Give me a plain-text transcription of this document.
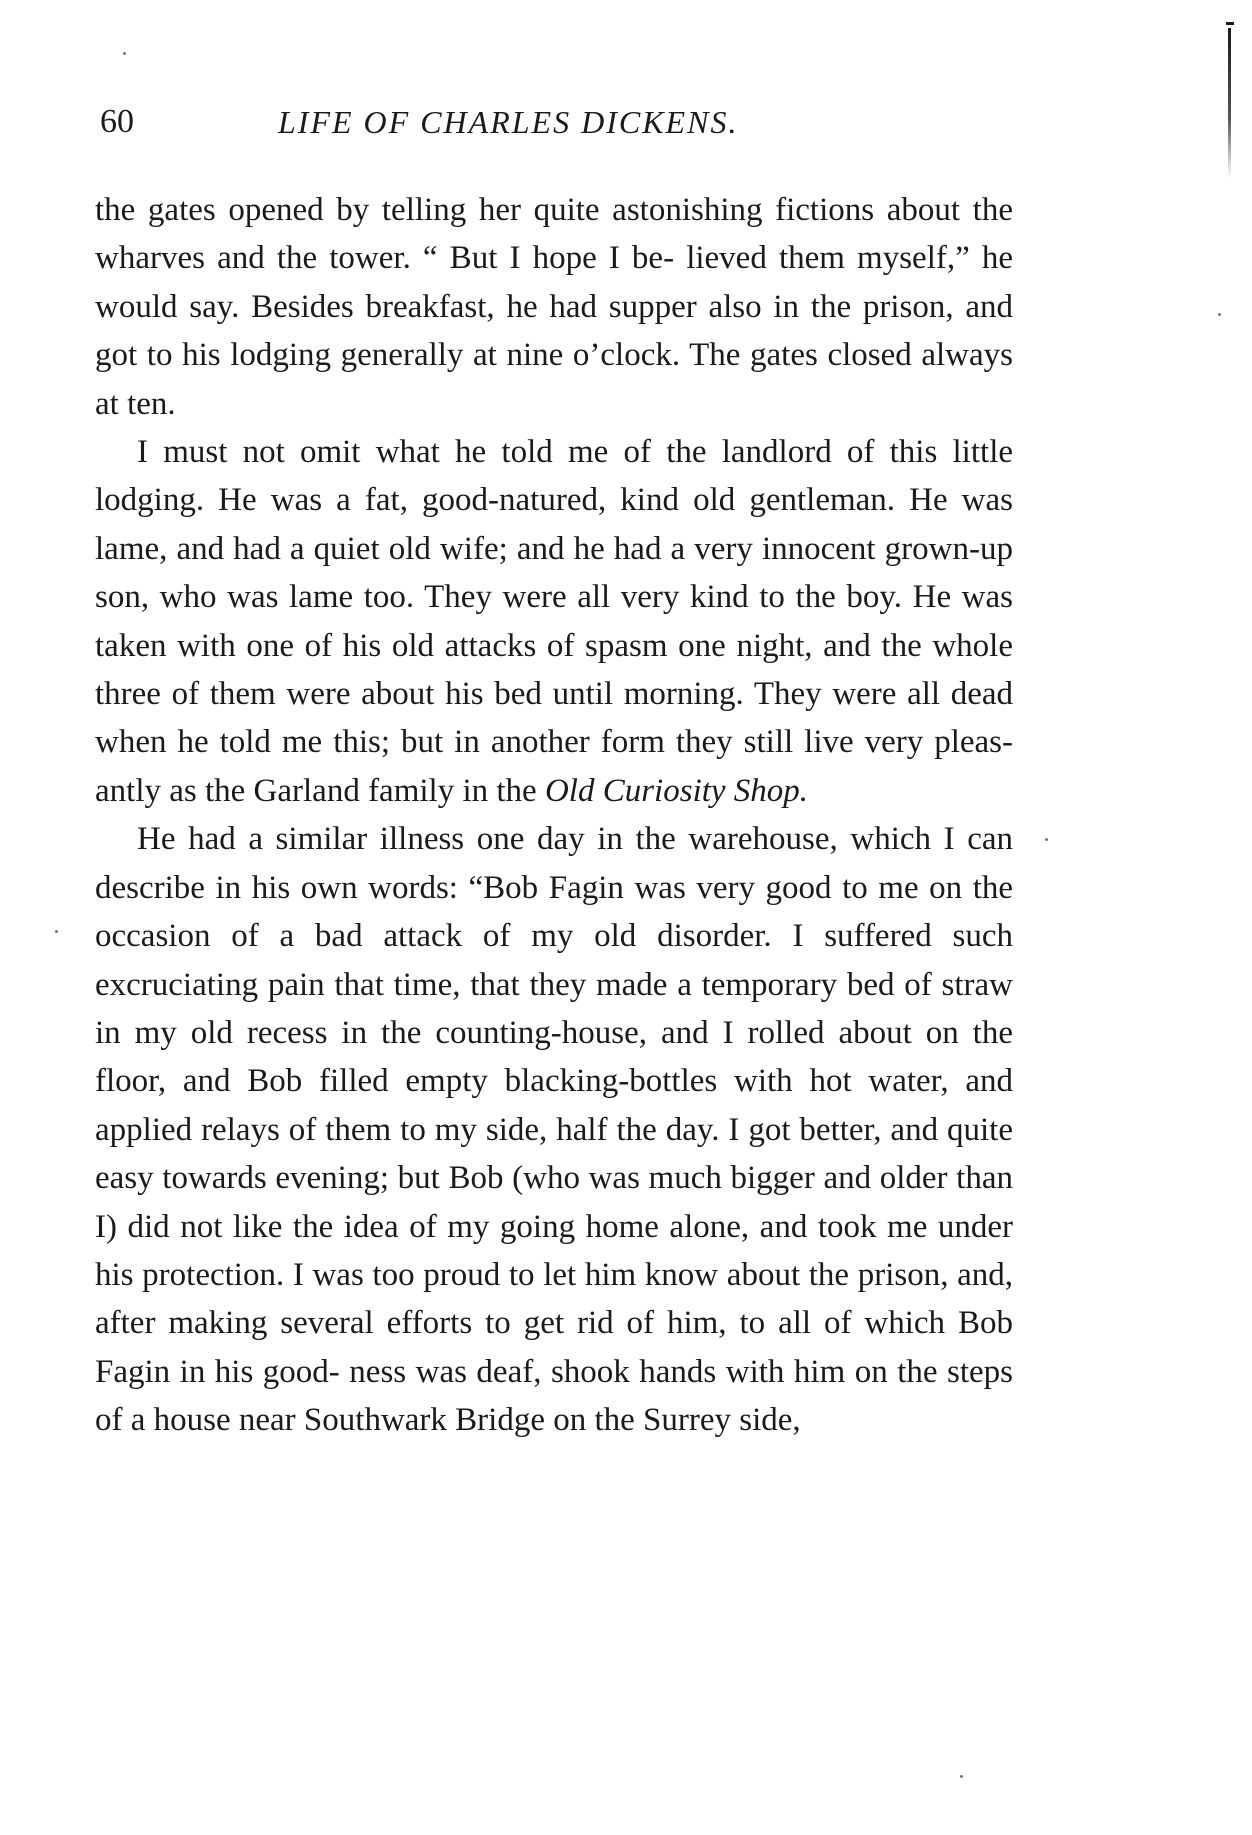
60	LIFE OF CHARLES DICKENS.

the gates opened by telling her quite astonishing fictions about the wharves and the tower. “ But I hope I be- lieved them myself,” he would say. Besides breakfast, he had supper also in the prison, and got to his lodging generally at nine o’clock. The gates closed always at ten.

I must not omit what he told me of the landlord of this little lodging. He was a fat, good-natured, kind old gentleman. He was lame, and had a quiet old wife; and he had a very innocent grown-up son, who was lame too. They were all very kind to the boy. He was taken with one of his old attacks of spasm one night, and the whole three of them were about his bed until morning. They were all dead when he told me this; but in another form they still live very pleas- antly as the Garland family in the Old Curiosity Shop.

He had a similar illness one day in the warehouse, which I can describe in his own words: “Bob Fagin was very good to me on the occasion of a bad attack of my old disorder. I suffered such excruciating pain that time, that they made a temporary bed of straw in my old recess in the counting-house, and I rolled about on the floor, and Bob filled empty blacking-bottles with hot water, and applied relays of them to my side, half the day. I got better, and quite easy towards evening; but Bob (who was much bigger and older than I) did not like the idea of my going home alone, and took me under his protection. I was too proud to let him know about the prison, and, after making several efforts to get rid of him, to all of which Bob Fagin in his good- ness was deaf, shook hands with him on the steps of a house near Southwark Bridge on the Surrey side,
